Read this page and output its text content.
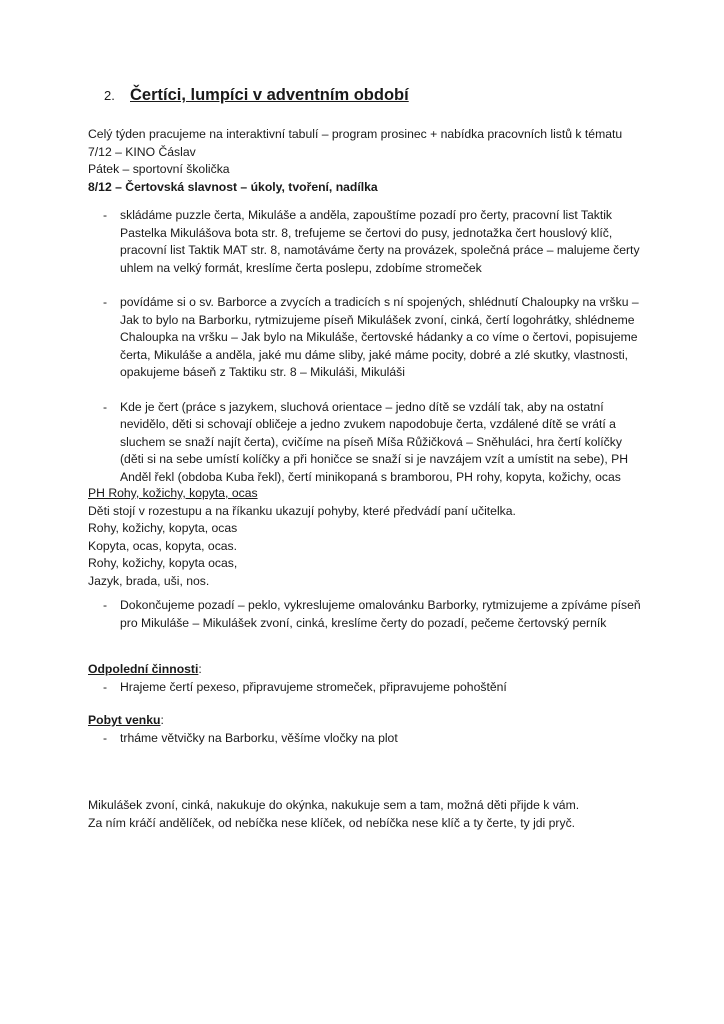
2. Čertíci, lumpíci v adventním období
Celý týden pracujeme na interaktivní tabulí – program prosinec + nabídka pracovních listů k tématu
7/12 – KINO Čáslav
Pátek – sportovní školička
8/12 – Čertovská slavnost – úkoly, tvoření, nadílka
- skládáme puzzle čerta, Mikuláše a anděla, zapouštíme pozadí pro čerty, pracovní list Taktik Pastelka Mikulášova bota str. 8, trefujeme se čertovi do pusy, jednotažka čert houslový klíč, pracovní list Taktik MAT str. 8, namotáváme čerty na provázek, společná práce – malujeme čerty uhlem na velký formát, kreslíme čerta poslepu, zdobíme stromeček
- povídáme si o sv. Barborce a zvycích a tradicích s ní spojených, shlédnutí Chaloupky na vršku – Jak to bylo na Barborku, rytmizujeme píseň Mikulášek zvoní, cinká, čertí logohrátky, shlédneme Chaloupka na vršku – Jak bylo na Mikuláše, čertovské hádanky a co víme o čertovi, popisujeme čerta, Mikuláše a anděla, jaké mu dáme sliby, jaké máme pocity, dobré a zlé skutky, vlastnosti, opakujeme báseň z Taktiku str. 8 – Mikuláši, Mikuláši
- Kde je čert (práce s jazykem, sluchová orientace – jedno dítě se vzdálí tak, aby na ostatní nevidělo, děti si schovají obličeje a jedno zvukem napodobuje čerta, vzdálené dítě se vrátí a sluchem se snaží najít čerta), cvičíme na píseň Míša Růžičková – Sněhuláci, hra čertí kolíčky (děti si na sebe umístí kolíčky a při honičce se snaží si je navzájem vzít a umístit na sebe), PH Anděl řekl (obdoba Kuba řekl), čertí minikopaná s bramborou, PH rohy, kopyta, kožichy, ocas
PH Rohy, kožichy, kopyta, ocas
Děti stojí v rozestupu a na říkanku ukazují pohyby, které předvádí paní učitelka.
Rohy, kožichy, kopyta, ocas
Kopyta, ocas, kopyta, ocas.
Rohy, kožichy, kopyta ocas,
Jazyk, brada, uši, nos.
- Dokončujeme pozadí – peklo, vykreslujeme omalovánku Barborky, rytmizujeme a zpíváme píseň pro Mikuláše – Mikulášek zvoní, cinká, kreslíme čerty do pozadí, pečeme čertovský perník
Odpolední činnosti:
- Hrajeme čertí pexeso, připravujeme stromeček, připravujeme pohoštění
Pobyt venku:
- trháme větvičky na Barborku, věšíme vločky na plot
Mikulášek zvoní, cinká, nakukuje do okýnka, nakukuje sem a tam, možná děti přijde k vám.
Za ním kráčí andělíček, od nebíčka nese klíček, od nebíčka nese klíč a ty čerte, ty jdi pryč.
